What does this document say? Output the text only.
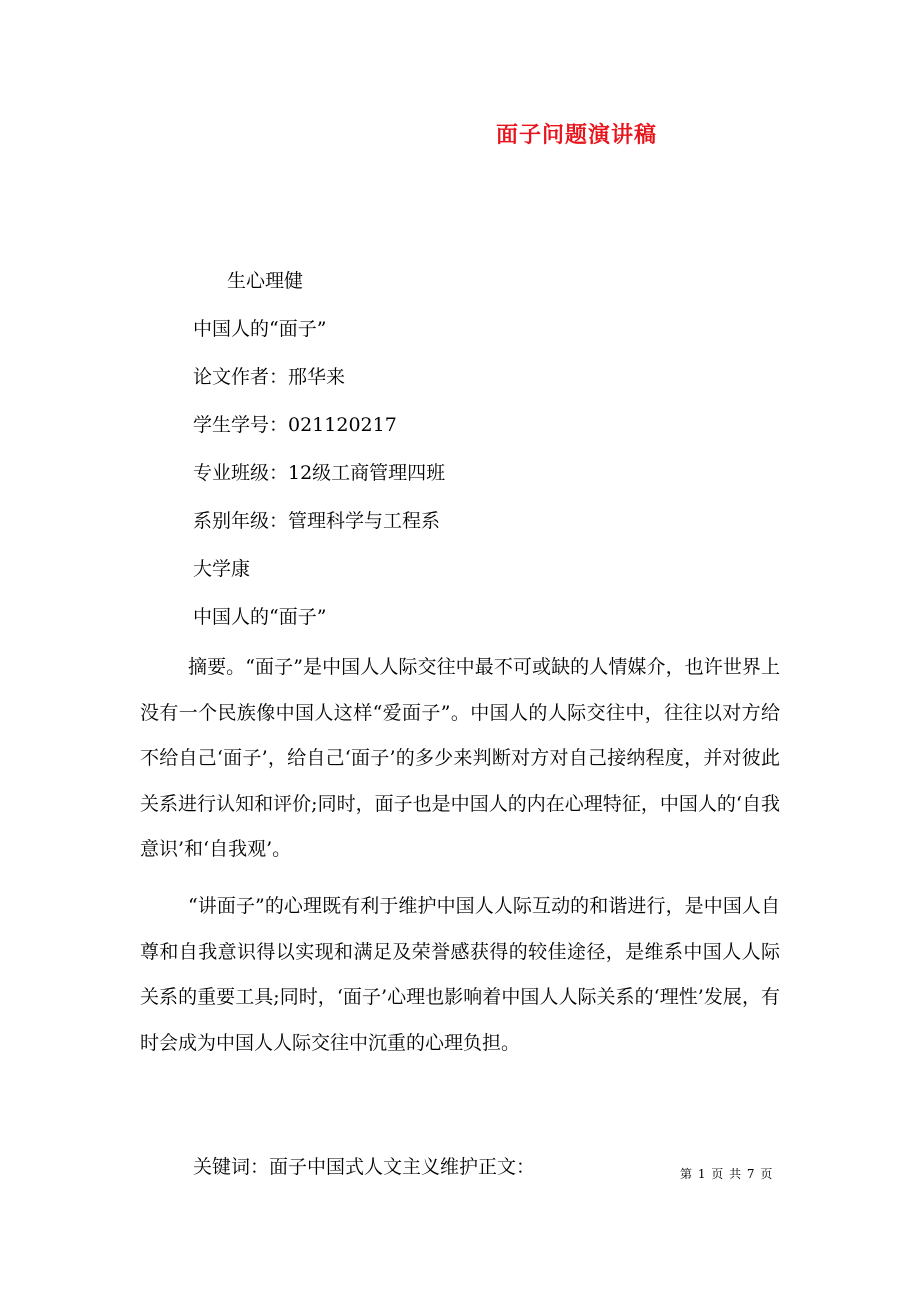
面子问题演讲稿
生心理健
中国人的“面子”
论文作者：邢华来
学生学号：021120217
专业班级：12级工商管理四班
系别年级：管理科学与工程系
大学康
中国人的“面子”
摘要。“面子”是中国人人际交往中最不可或缺的人情媒介，也许世界上没有一个民族像中国人这样“爱面子”。中国人的人际交往中，往往以对方给不给自己‘面子’，给自己‘面子’的多少来判断对方对自己接纳程度，并对彼此关系进行认知和评价;同时，面子也是中国人的内在心理特征，中国人的‘自我意识’和‘自我观’。
“讲面子”的心理既有利于维护中国人人际互动的和谐进行，是中国人自尊和自我意识得以实现和满足及荣誉感获得的较佳途径，是维系中国人人际关系的重要工具;同时，‘面子’心理也影响着中国人人际关系的‘理性’发展，有时会成为中国人人际交往中沉重的心理负担。
关键词：面子中国式人文主义维护正文：	第 1 页 共 7 页
